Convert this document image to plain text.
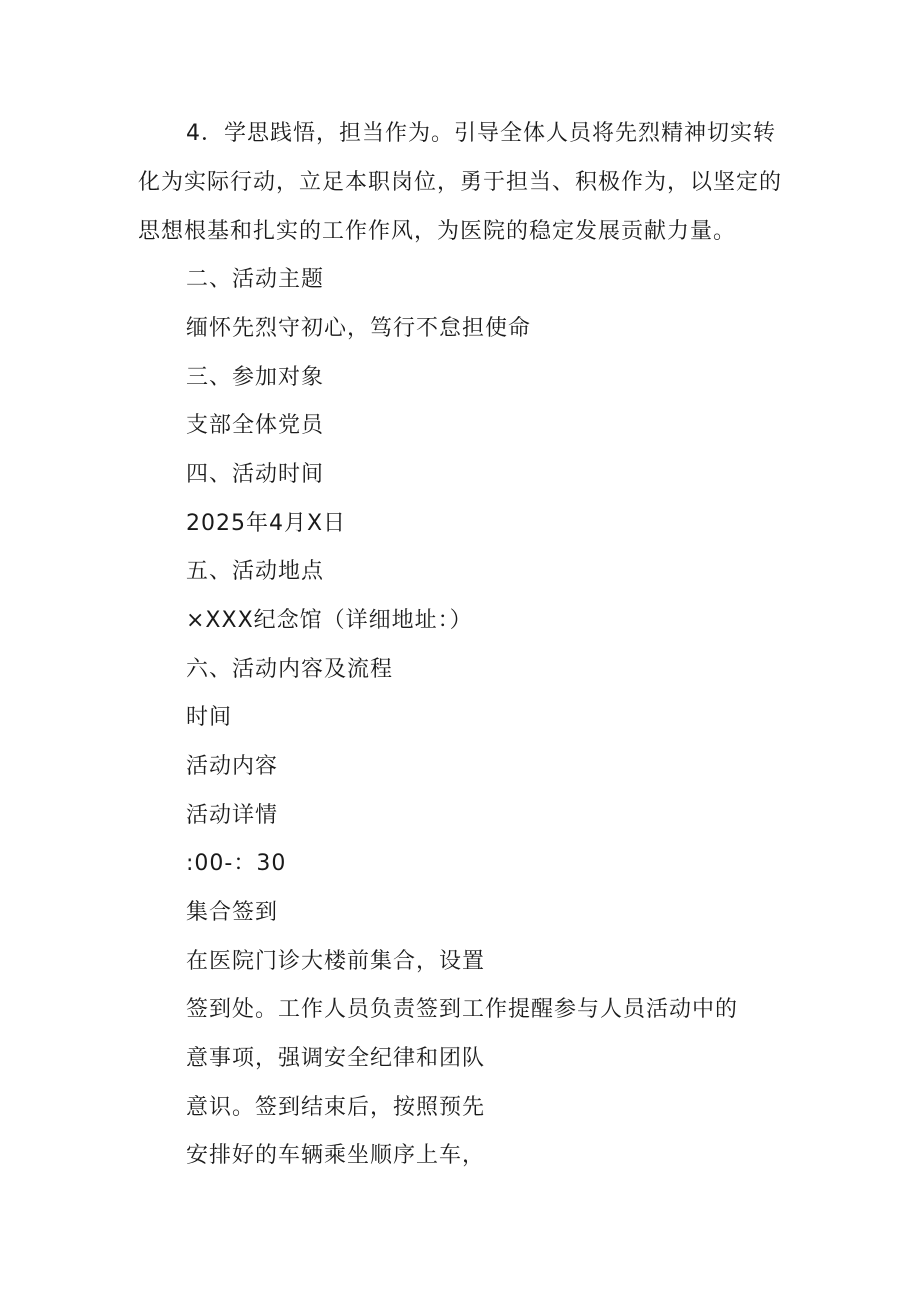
4．学思践悟，担当作为。引导全体人员将先烈精神切实转
化为实际行动，立足本职岗位，勇于担当、积极作为，以坚定的
思想根基和扎实的工作作风，为医院的稳定发展贡献力量。
二、活动主题
缅怀先烈守初心，笃行不怠担使命
三、参加对象
支部全体党员
四、活动时间
2025年4月X日
五、活动地点
×XXX纪念馆（详细地址：）
六、活动内容及流程
时间
活动内容
活动详情
:00-：30
集合签到
在医院门诊大楼前集合，设置
签到处。工作人员负责签到工作提醒参与人员活动中的
意事项，强调安全纪律和团队
意识。签到结束后，按照预先
安排好的车辆乘坐顺序上车，
